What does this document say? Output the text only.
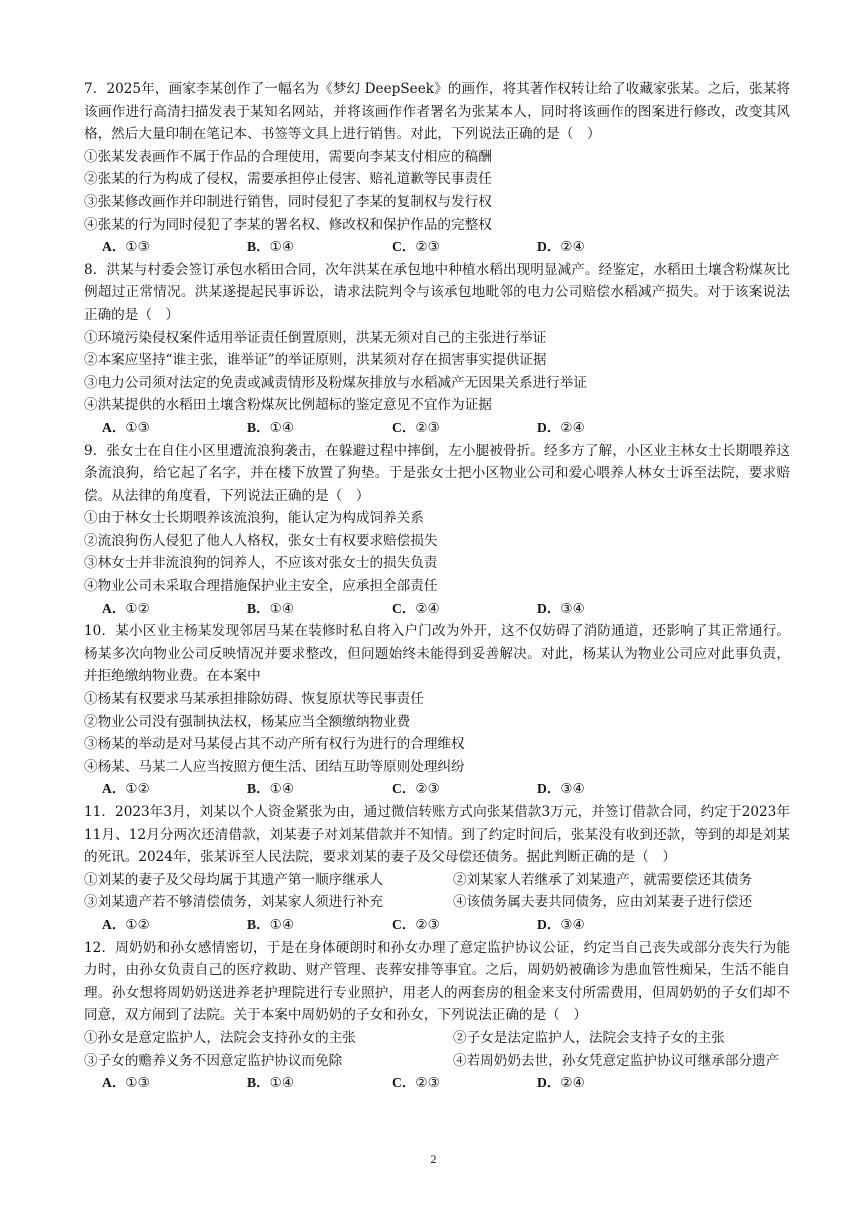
7．2025年，画家李某创作了一幅名为《梦幻 DeepSeek》的画作，将其著作权转让给了收藏家张某。之后，张某将该画作进行高清扫描发表于某知名网站，并将该画作作者署名为张某本人，同时将该画作的图案进行修改，改变其风格，然后大量印制在笔记本、书签等文具上进行销售。对此，下列说法正确的是（　）

①张某发表画作不属于作品的合理使用，需要向李某支付相应的稿酬

②张某的行为构成了侵权，需要承担停止侵害、赔礼道歉等民事责任

③张某修改画作并印制进行销售，同时侵犯了李某的复制权与发行权

④张某的行为同时侵犯了李某的署名权、修改权和保护作品的完整权

A．①③	B．①④	C．②③	D．②④

8．洪某与村委会签订承包水稻田合同，次年洪某在承包地中种植水稻出现明显减产。经鉴定，水稻田土壤含粉煤灰比例超过正常情况。洪某遂提起民事诉讼，请求法院判令与该承包地毗邻的电力公司赔偿水稻减产损失。对于该案说法正确的是（　）

①环境污染侵权案件适用举证责任倒置原则，洪某无须对自己的主张进行举证

②本案应坚持“谁主张，谁举证”的举证原则，洪某须对存在损害事实提供证据

③电力公司须对法定的免责或减责情形及粉煤灰排放与水稻减产无因果关系进行举证

④洪某提供的水稻田土壤含粉煤灰比例超标的鉴定意见不宜作为证据

A．①③	B．①④	C．②③	D．②④

9．张女士在自住小区里遭流浪狗袭击，在躲避过程中摔倒，左小腿被骨折。经多方了解，小区业主林女士长期喂养这条流浪狗，给它起了名字，并在楼下放置了狗垫。于是张女士把小区物业公司和爱心喂养人林女士诉至法院，要求赔偿。从法律的角度看，下列说法正确的是（　）

①由于林女士长期喂养该流浪狗，能认定为构成饲养关系

②流浪狗伤人侵犯了他人人格权，张女士有权要求赔偿损失

③林女士并非流浪狗的饲养人，不应该对张女士的损失负责

④物业公司未采取合理措施保护业主安全，应承担全部责任

A．①②	B．①④	C．②④	D．③④

10．某小区业主杨某发现邻居马某在装修时私自将入户门改为外开，这不仅妨碍了消防通道，还影响了其正常通行。杨某多次向物业公司反映情况并要求整改，但问题始终未能得到妥善解决。对此，杨某认为物业公司应对此事负责，并拒绝缴纳物业费。在本案中

①杨某有权要求马某承担排除妨碍、恢复原状等民事责任

②物业公司没有强制执法权，杨某应当全额缴纳物业费

③杨某的举动是对马某侵占其不动产所有权行为进行的合理维权

④杨某、马某二人应当按照方便生活、团结互助等原则处理纠纷

A．①②	B．①④	C．②③	D．③④

11．2023年3月，刘某以个人资金紧张为由，通过微信转账方式向张某借款3万元，并签订借款合同，约定于2023年11月、12月分两次还清借款，刘某妻子对刘某借款并不知情。到了约定时间后，张某没有收到还款，等到的却是刘某的死讯。2024年，张某诉至人民法院，要求刘某的妻子及父母偿还债务。据此判断正确的是（　）

①刘某的妻子及父母均属于其遗产第一顺序继承人	②刘某家人若继承了刘某遗产，就需要偿还其债务
③刘某遗产若不够清偿债务，刘某家人须进行补充	④该债务属夫妻共同债务，应由刘某妻子进行偿还
A．①②	B．①④	C．②③	D．③④

12．周奶奶和孙女感情密切，于是在身体硬朗时和孙女办理了意定监护协议公证，约定当自己丧失或部分丧失行为能力时，由孙女负责自己的医疗救助、财产管理、丧葬安排等事宜。之后，周奶奶被确诊为患血管性痴呆，生活不能自理。孙女想将周奶奶送进养老护理院进行专业照护，用老人的两套房的租金来支付所需费用，但周奶奶的子女们却不同意，双方闹到了法院。关于本案中周奶奶的子女和孙女，下列说法正确的是（　）

①孙女是意定监护人，法院会支持孙女的主张	②子女是法定监护人，法院会支持子女的主张
③子女的赡养义务不因意定监护协议而免除	④若周奶奶去世，孙女凭意定监护协议可继承部分遗产
A．①③	B．①④	C．②③	D．②④
2
